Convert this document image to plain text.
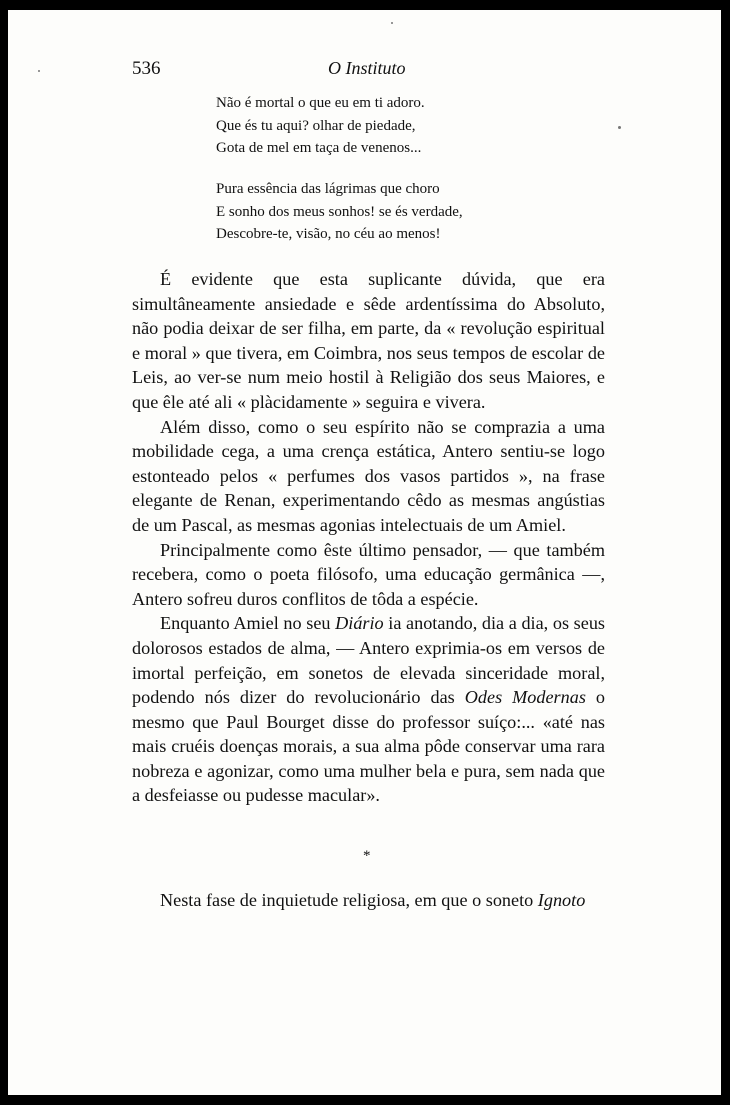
536	O Instituto
Não é mortal o que eu em ti adoro.
Que és tu aqui? olhar de piedade,
Gota de mel em taça de venenos...
Pura essência das lágrimas que choro
E sonho dos meus sonhos! se és verdade,
Descobre-te, visão, no céu ao menos!

É evidente que esta suplicante dúvida, que era simultâneamente ansiedade e sêde ardentíssima do Absoluto, não podia deixar de ser filha, em parte, da « revolução espiritual e moral » que tivera, em Coimbra, nos seus tempos de escolar de Leis, ao ver-se num meio hostil à Religião dos seus Maiores, e que êle até ali « plàcidamente » seguira e vivera.

Além disso, como o seu espírito não se comprazia a uma mobilidade cega, a uma crença estática, Antero sentiu-se logo estonteado pelos « perfumes dos vasos partidos », na frase elegante de Renan, experimentando cêdo as mesmas angústias de um Pascal, as mesmas agonias intelectuais de um Amiel.

Principalmente como êste último pensador, — que também recebera, como o poeta filósofo, uma educação germânica —, Antero sofreu duros conflitos de tôda a espécie.

Enquanto Amiel no seu Diário ia anotando, dia a dia, os seus dolorosos estados de alma, — Antero exprimia-os em versos de imortal perfeição, em sonetos de elevada sinceridade moral, podendo nós dizer do revolucionário das Odes Modernas o mesmo que Paul Bourget disse do professor suíço:... «até nas mais cruéis doenças morais, a sua alma pôde conservar uma rara nobreza e agonizar, como uma mulher bela e pura, sem nada que a desfeiasse ou pudesse macular».

*
Nesta fase de inquietude religiosa, em que o soneto Ignoto
